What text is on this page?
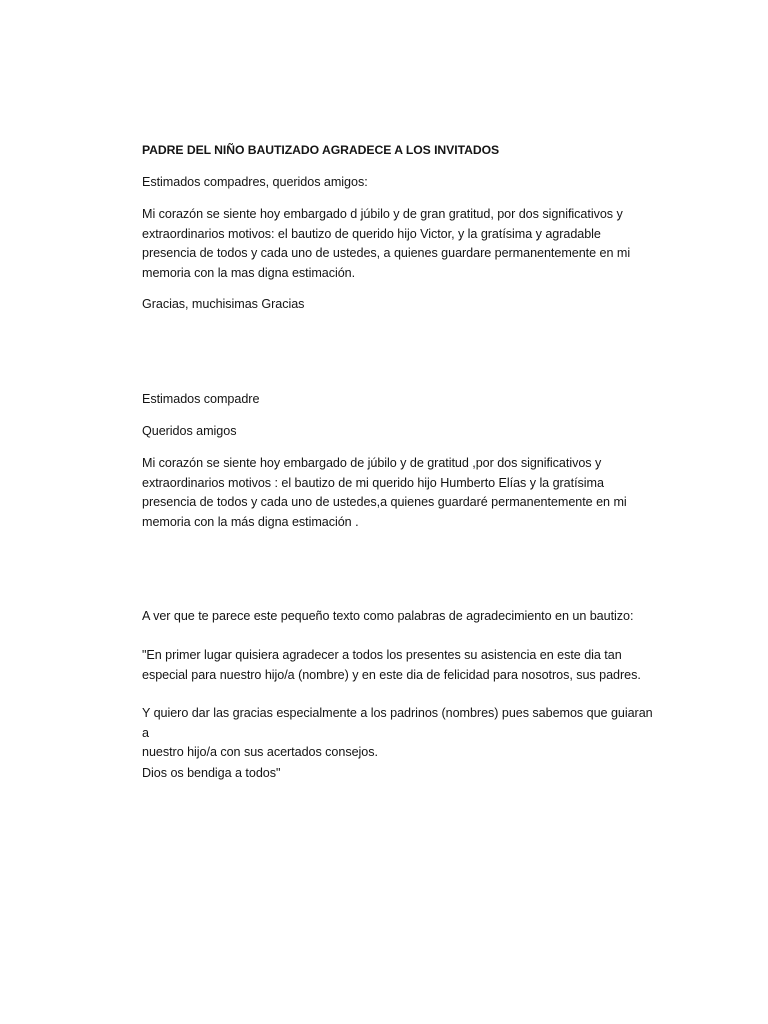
PADRE DEL NIÑO BAUTIZADO AGRADECE A LOS INVITADOS

Estimados compadres, queridos amigos:

Mi corazón se siente hoy embargado d júbilo y de gran gratitud, por dos significativos y
extraordinarios motivos: el bautizo de querido hijo Victor, y la gratísima y agradable
presencia de todos y cada uno de ustedes, a quienes guardare permanentemente en mi
memoria con la mas digna estimación.

Gracias, muchisimas Gracias

Estimados compadre

Queridos amigos

Mi corazón se siente hoy embargado de júbilo y de gratitud ,por dos significativos y
extraordinarios motivos : el bautizo de mi querido hijo Humberto Elías y la gratísima
presencia de todos y cada uno de ustedes,a quienes guardaré permanentemente en mi
memoria con la más digna estimación .

A ver que te parece este pequeño texto como palabras de agradecimiento en un bautizo:

"En primer lugar quisiera agradecer a todos los presentes su asistencia en este dia tan
especial para nuestro hijo/a (nombre) y en este dia de felicidad para nosotros, sus padres.

Y quiero dar las gracias especialmente a los padrinos (nombres) pues sabemos que guiaran a
nuestro hijo/a con sus acertados consejos.

Dios os bendiga a todos"
